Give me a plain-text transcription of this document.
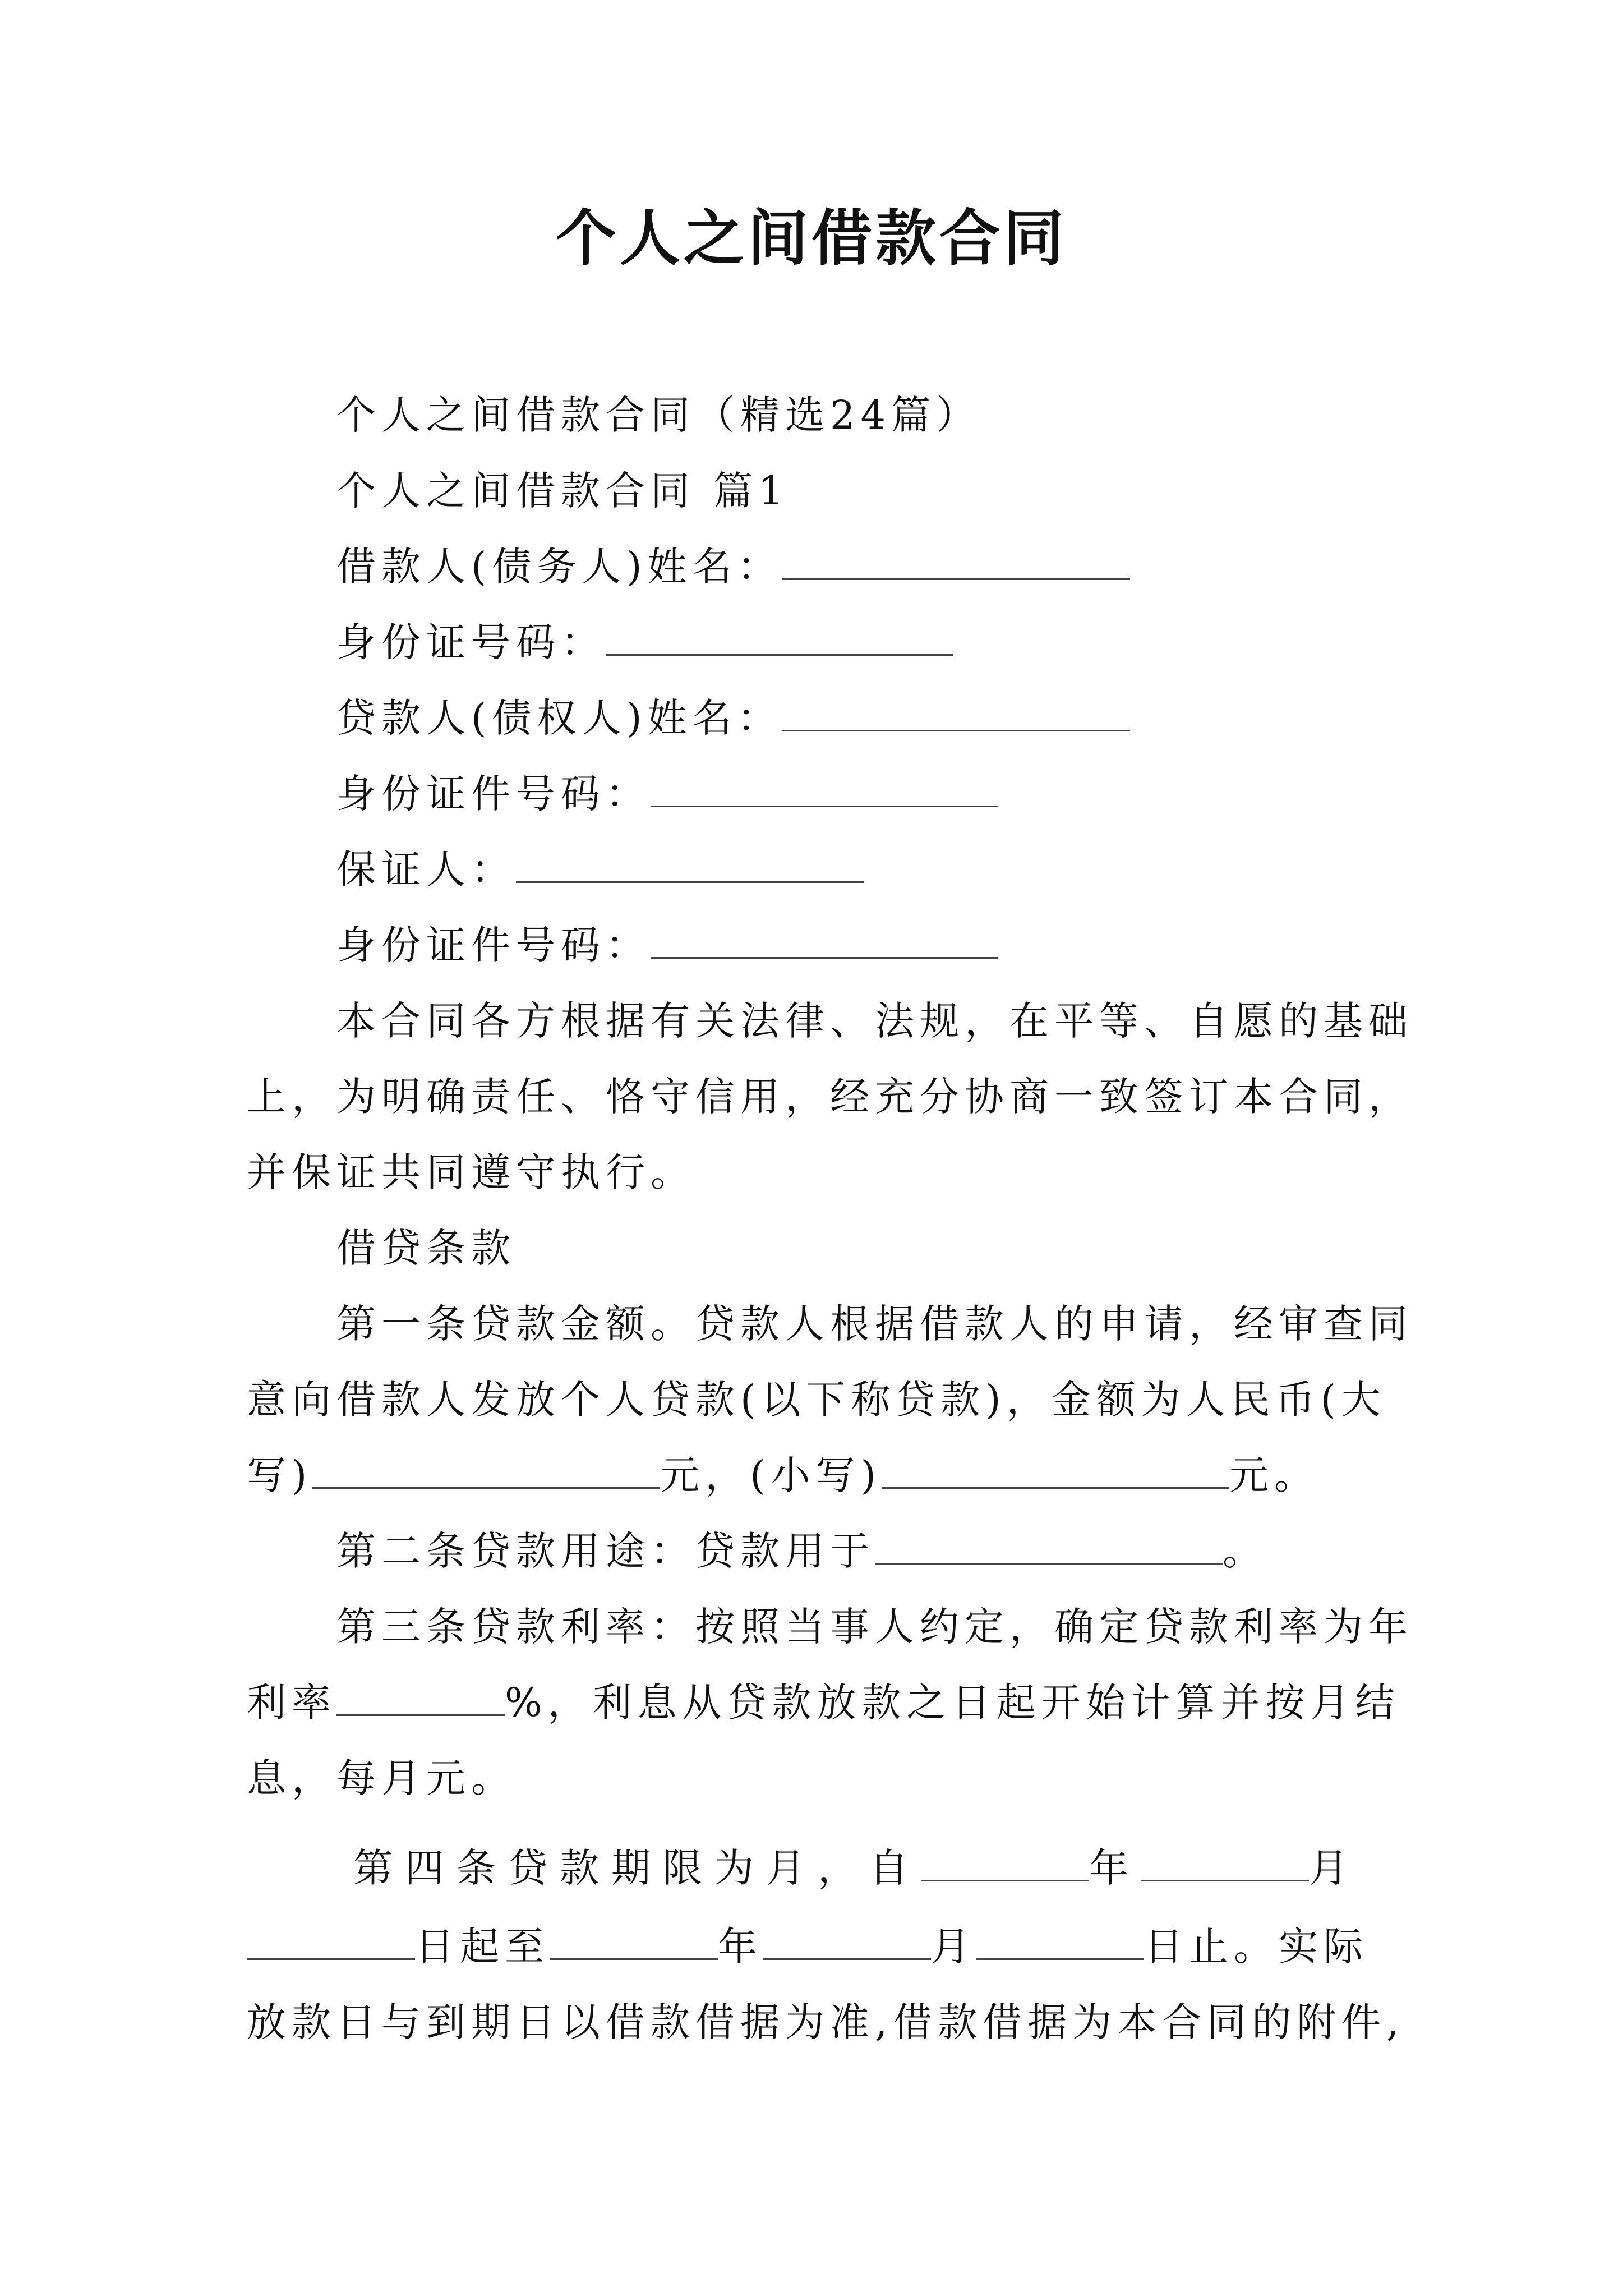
个人之间借款合同
个人之间借款合同（精选24篇）
个人之间借款合同 篇1
借款人(债务人)姓名：
身份证号码：
贷款人(债权人)姓名：
身份证件号码：
保证人：
身份证件号码：
本合同各方根据有关法律、法规，在平等、自愿的基础
上，为明确责任、恪守信用，经充分协商一致签订本合同，
并保证共同遵守执行。
借贷条款
第一条贷款金额。贷款人根据借款人的申请，经审查同
意向借款人发放个人贷款(以下称贷款)，金额为人民币(大
写)	元，(小写)	元。
第二条贷款用途：贷款用于	。
第三条贷款利率：按照当事人约定，确定贷款利率为年
利率	%，利息从贷款放款之日起开始计算并按月结
息，每月元。
第四条贷款期限为月，自	年	月
日起至	年	月	日止。实际
放款日与到期日以借款借据为准,借款借据为本合同的附件,
